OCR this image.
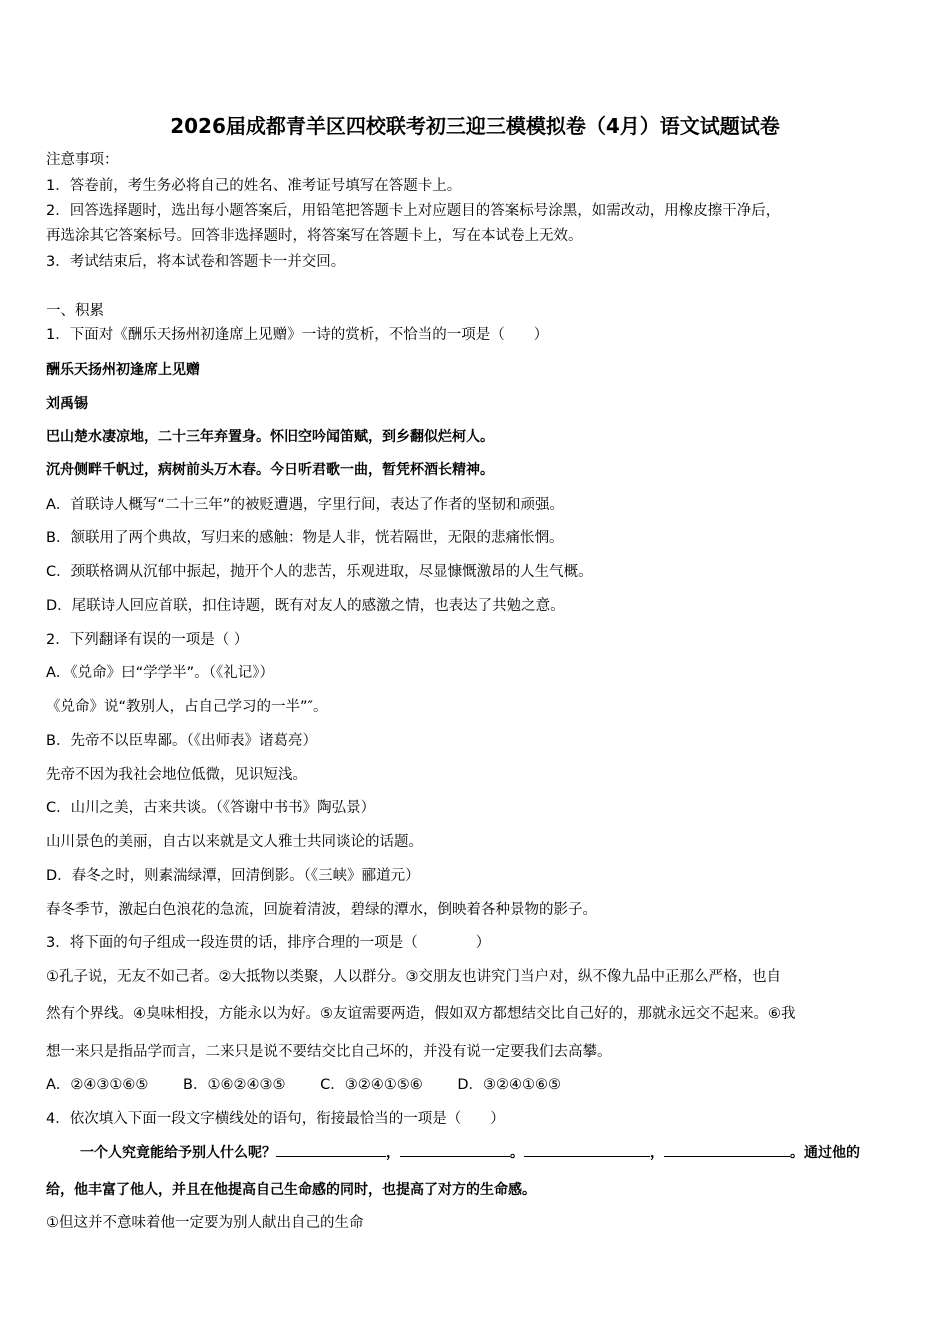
2026届成都青羊区四校联考初三迎三模模拟卷（4月）语文试题试卷
注意事项：
1．答卷前，考生务必将自己的姓名、准考证号填写在答题卡上。
2．回答选择题时，选出每小题答案后，用铅笔把答题卡上对应题目的答案标号涂黑，如需改动，用橡皮擦干净后，
再选涂其它答案标号。回答非选择题时，将答案写在答题卡上，写在本试卷上无效。
3．考试结束后，将本试卷和答题卡一并交回。
一、积累
1．下面对《酬乐天扬州初逢席上见赠》一诗的赏析，不恰当的一项是（　　）
酬乐天扬州初逢席上见赠
刘禹锡
巴山楚水凄凉地，二十三年弃置身。怀旧空吟闻笛赋，到乡翻似烂柯人。
沉舟侧畔千帆过，病树前头万木春。今日听君歌一曲，暂凭杯酒长精神。
A．首联诗人概写“二十三年”的被贬遭遇，字里行间，表达了作者的坚韧和顽强。
B．颔联用了两个典故，写归来的感触：物是人非，恍若隔世，无限的悲痛怅惘。
C．颈联格调从沉郁中振起，抛开个人的悲苦，乐观进取，尽显慷慨激昂的人生气概。
D．尾联诗人回应首联，扣住诗题，既有对友人的感激之情，也表达了共勉之意。
2．下列翻译有误的一项是（ ）
A．《兑命》曰“学学半”。（《礼记》）
《兑命》说“教别人，占自己学习的一半”″。
B．先帝不以臣卑鄙。（《出师表》诸葛亮）
先帝不因为我社会地位低微，见识短浅。
C．山川之美，古来共谈。（《答谢中书书》陶弘景）
山川景色的美丽，自古以来就是文人雅士共同谈论的话题。
D．春冬之时，则素湍绿潭，回清倒影。（《三峡》郦道元）
春冬季节，激起白色浪花的急流，回旋着清波，碧绿的潭水，倒映着各种景物的影子。
3．将下面的句子组成一段连贯的话，排序合理的一项是（　　　　）
①孔子说，无友不如己者。②大抵物以类聚，人以群分。③交朋友也讲究门当户对，纵不像九品中正那么严格，也自
然有个界线。④臭味相投，方能永以为好。⑤友谊需要两造，假如双方都想结交比自己好的，那就永远交不起来。⑥我
想一来只是指品学而言，二来只是说不要结交比自己坏的，并没有说一定要我们去高攀。
A．②④③①⑥⑤ B．①⑥②④③⑤ C．③②④①⑤⑥ D．③②④①⑥⑤
4．依次填入下面一段文字横线处的语句，衔接最恰当的一项是（　　）
一个人究竟能给予别人什么呢？	，	。	，	。通过他的
给，他丰富了他人，并且在他提高自己生命感的同时，也提高了对方的生命感。
①但这并不意味着他一定要为别人献出自己的生命
